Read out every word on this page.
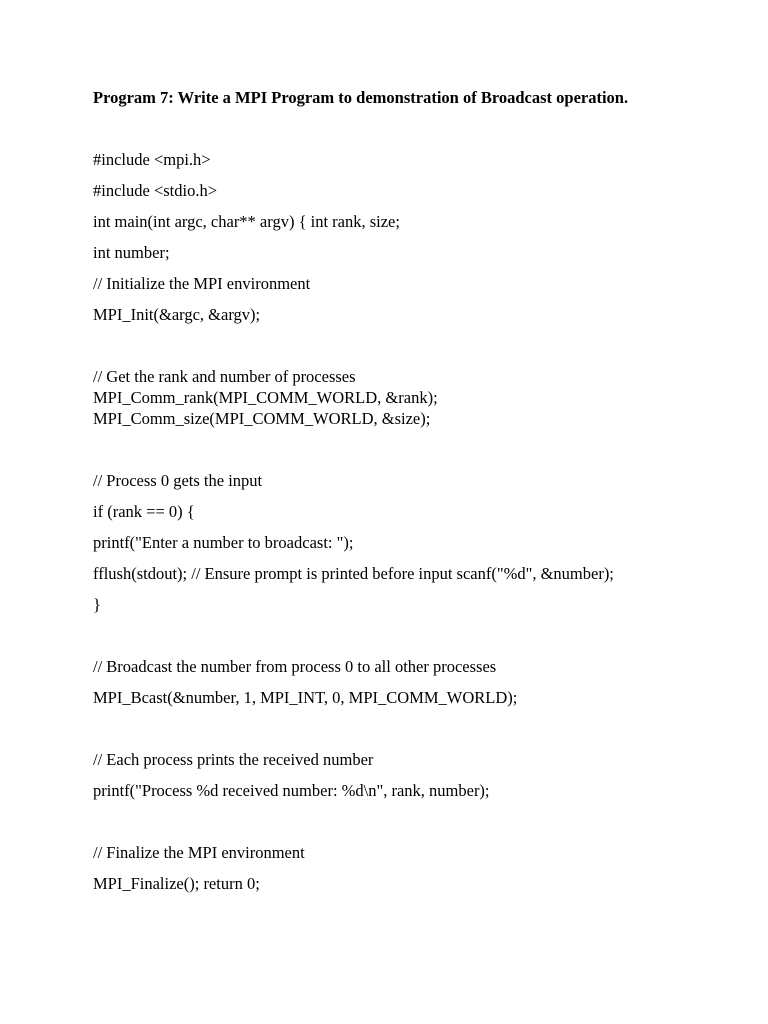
Program 7: Write a MPI Program to demonstration of Broadcast operation.

#include <mpi.h>

#include <stdio.h>

int main(int argc, char** argv) { int rank, size;

int number;

// Initialize the MPI environment

MPI_Init(&argc, &argv);

// Get the rank and number of processes

MPI_Comm_rank(MPI_COMM_WORLD, &rank);

MPI_Comm_size(MPI_COMM_WORLD, &size);

// Process 0 gets the input

if (rank == 0) {

printf("Enter a number to broadcast: ");

fflush(stdout); // Ensure prompt is printed before input scanf("%d", &number);

}

// Broadcast the number from process 0 to all other processes

MPI_Bcast(&number, 1, MPI_INT, 0, MPI_COMM_WORLD);

// Each process prints the received number

printf("Process %d received number: %d\n", rank, number);

// Finalize the MPI environment

MPI_Finalize(); return 0;
